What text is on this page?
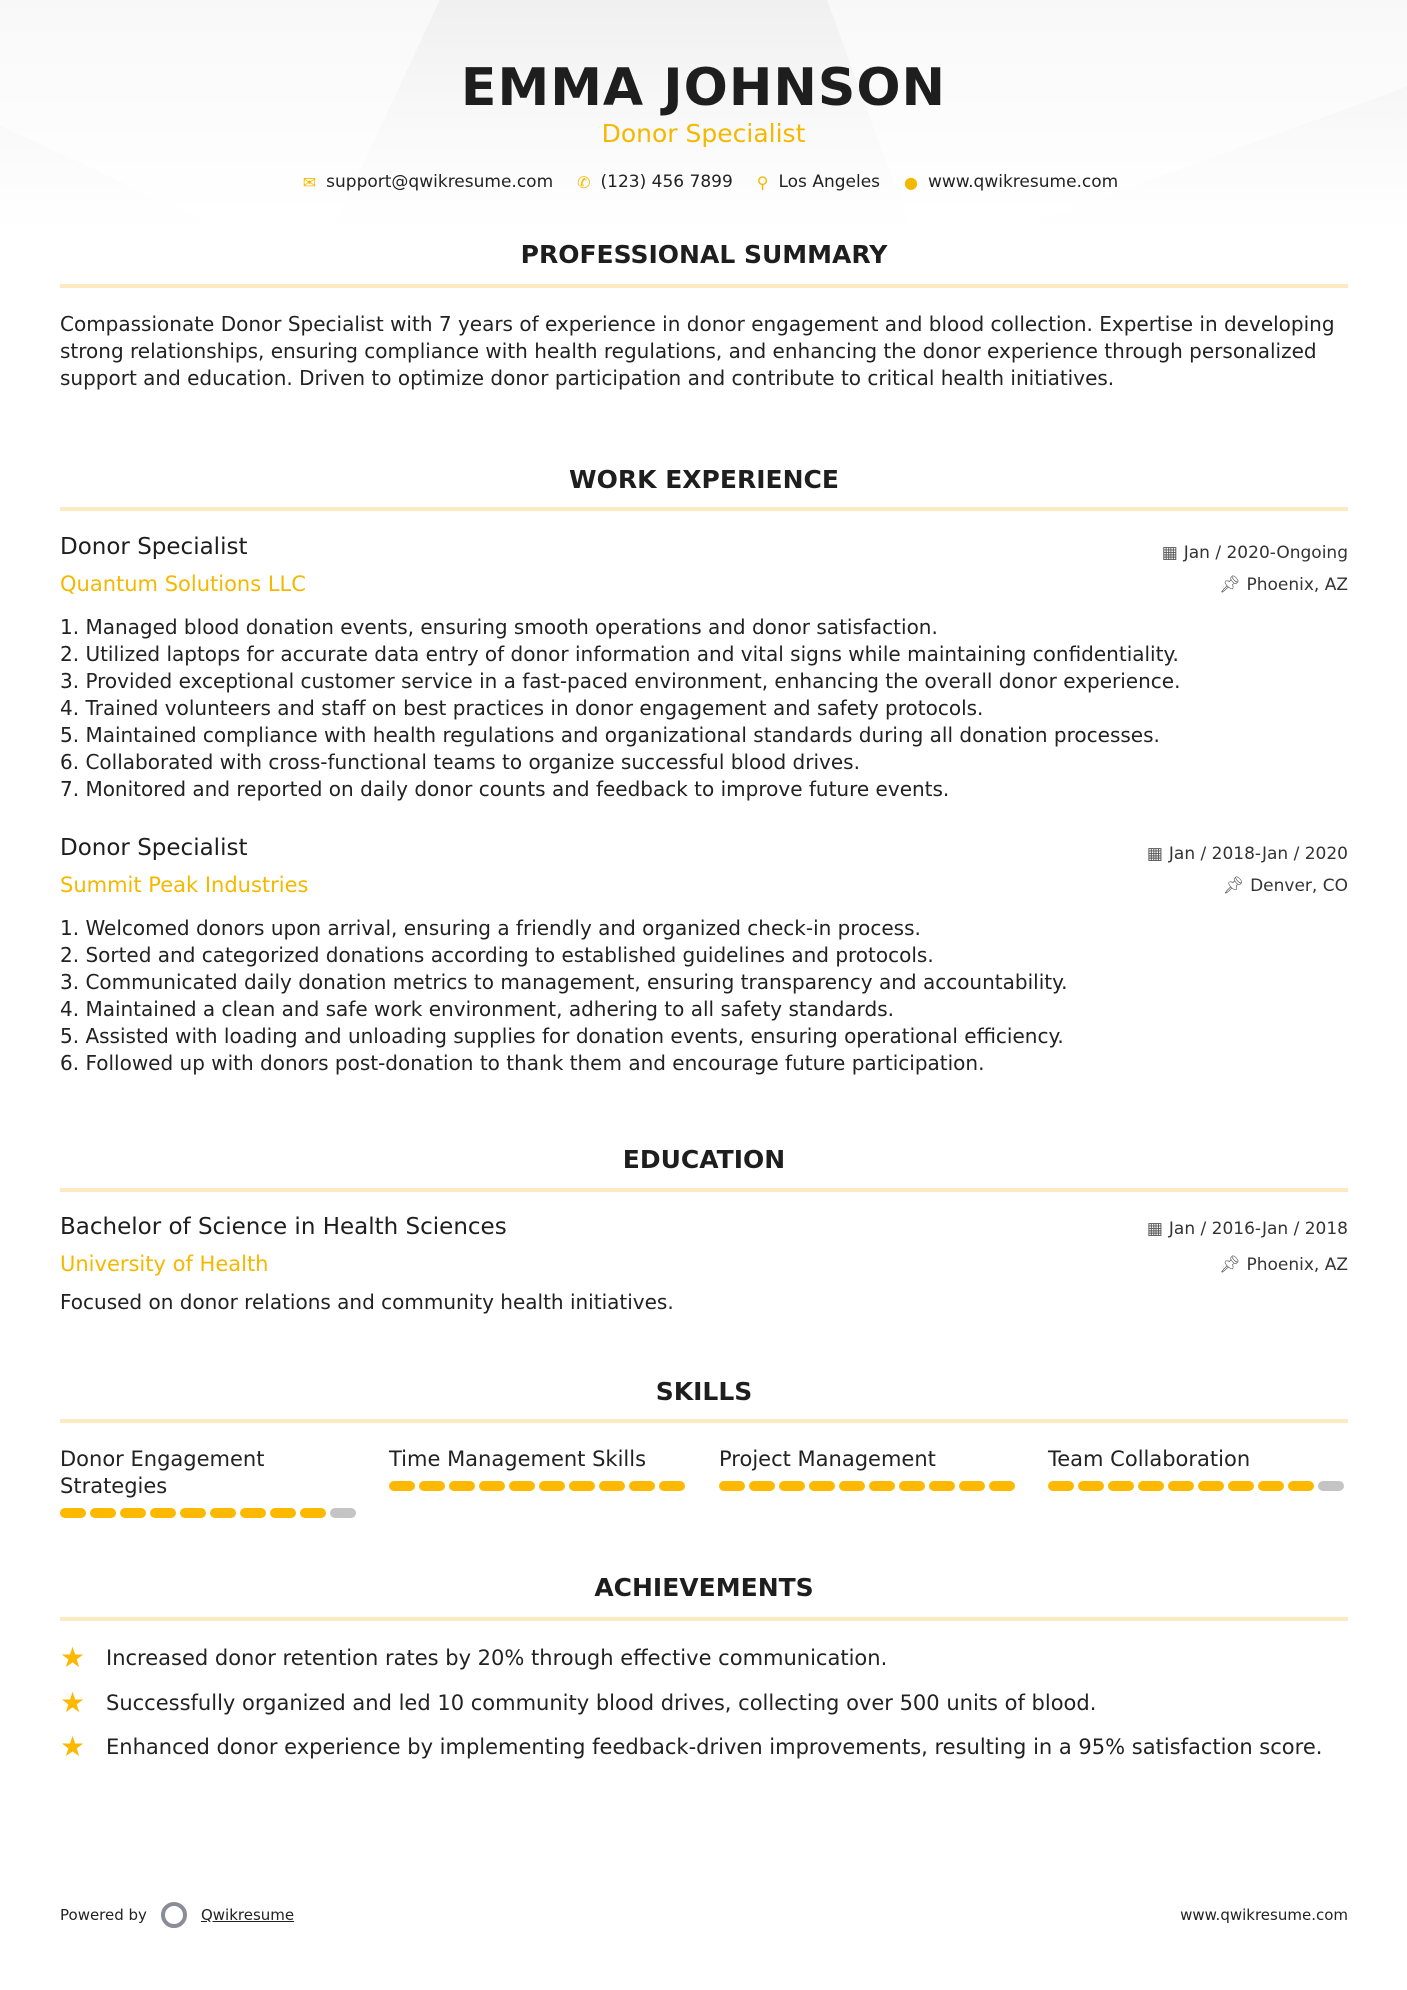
EMMA JOHNSON
Donor Specialist
✉ support@qwikresume.com ✆ (123) 456 7899 ⚲ Los Angeles ● www.qwikresume.com
PROFESSIONAL SUMMARY
Compassionate Donor Specialist with 7 years of experience in donor engagement and blood collection. Expertise in developing strong relationships, ensuring compliance with health regulations, and enhancing the donor experience through personalized support and education. Driven to optimize donor participation and contribute to critical health initiatives.
WORK EXPERIENCE
Donor Specialist
Quantum Solutions LLC
▦ Jan / 2020-Ongoing
📌︎ Phoenix, AZ
1. Managed blood donation events, ensuring smooth operations and donor satisfaction.
2. Utilized laptops for accurate data entry of donor information and vital signs while maintaining confidentiality.
3. Provided exceptional customer service in a fast-paced environment, enhancing the overall donor experience.
4. Trained volunteers and staff on best practices in donor engagement and safety protocols.
5. Maintained compliance with health regulations and organizational standards during all donation processes.
6. Collaborated with cross-functional teams to organize successful blood drives.
7. Monitored and reported on daily donor counts and feedback to improve future events.
Donor Specialist
Summit Peak Industries
▦ Jan / 2018-Jan / 2020
📌︎ Denver, CO
1. Welcomed donors upon arrival, ensuring a friendly and organized check-in process.
2. Sorted and categorized donations according to established guidelines and protocols.
3. Communicated daily donation metrics to management, ensuring transparency and accountability.
4. Maintained a clean and safe work environment, adhering to all safety standards.
5. Assisted with loading and unloading supplies for donation events, ensuring operational efficiency.
6. Followed up with donors post-donation to thank them and encourage future participation.
EDUCATION
Bachelor of Science in Health Sciences
University of Health
▦ Jan / 2016-Jan / 2018
📌︎ Phoenix, AZ
Focused on donor relations and community health initiatives.
SKILLS
Donor Engagement Strategies
Time Management Skills	Project Management	Team Collaboration
ACHIEVEMENTS
★ Increased donor retention rates by 20% through effective communication.
★ Successfully organized and led 10 community blood drives, collecting over 500 units of blood.
★ Enhanced donor experience by implementing feedback-driven improvements, resulting in a 95% satisfaction score.
Powered by	Qwikresume	www.qwikresume.com
